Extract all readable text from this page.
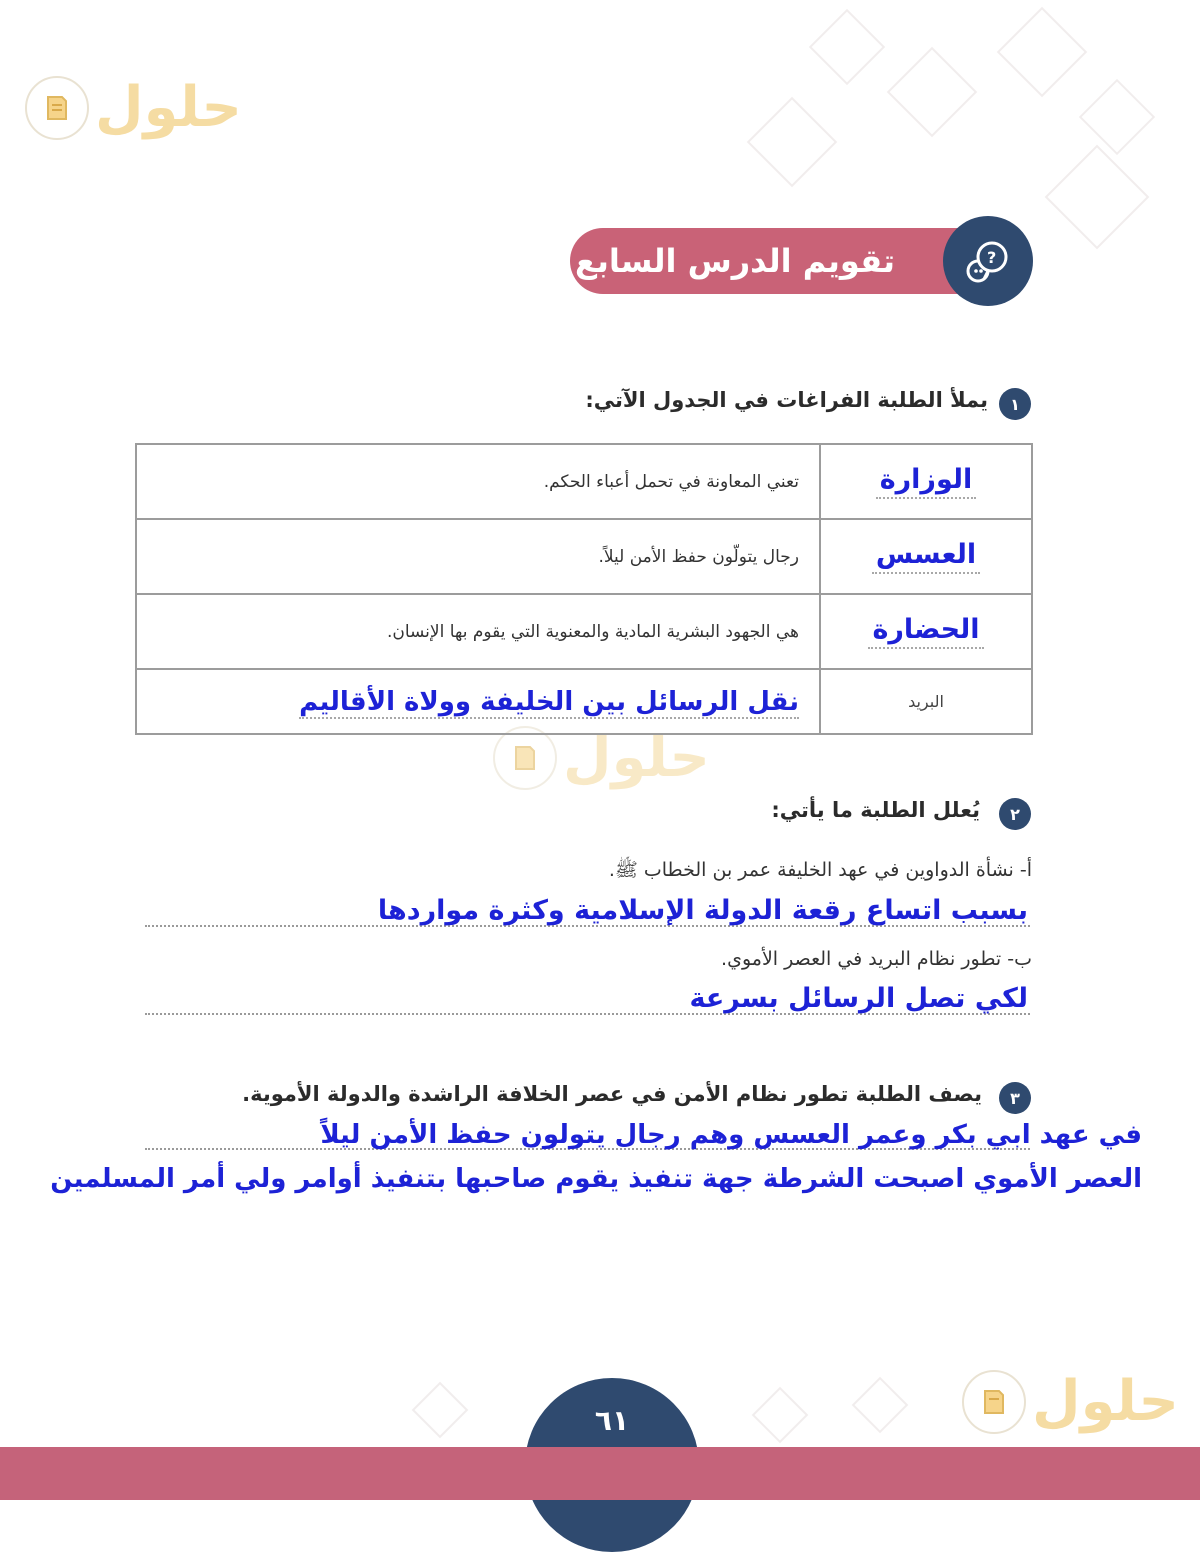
حلول
حلول
حلول
تقويم الدرس السابع	?
١
يملأ الطلبة الفراغات في الجدول الآتي:
الوزارة	تعني المعاونة في تحمل أعباء الحكم.
العسس	رجال يتولّون حفظ الأمن ليلاً.
الحضارة	هي الجهود البشرية المادية والمعنوية التي يقوم بها الإنسان.
البريد	نقل الرسائل بين الخليفة وولاة الأقاليم
٢
يُعلل الطلبة ما يأتي:
أ- نشأة الدواوين في عهد الخليفة عمر بن الخطاب ﷺ.
بسبب اتساع رقعة الدولة الإسلامية وكثرة مواردها
ب- تطور نظام البريد في العصر الأموي.
لكي تصل الرسائل بسرعة
٣
يصف الطلبة تطور نظام الأمن في عصر الخلافة الراشدة والدولة الأموية.
في عهد ابي بكر وعمر العسس وهم رجال يتولون حفظ الأمن ليلاً
العصر الأموي اصبحت الشرطة جهة تنفيذ يقوم صاحبها بتنفيذ أوامر ولي أمر المسلمين
٦١
